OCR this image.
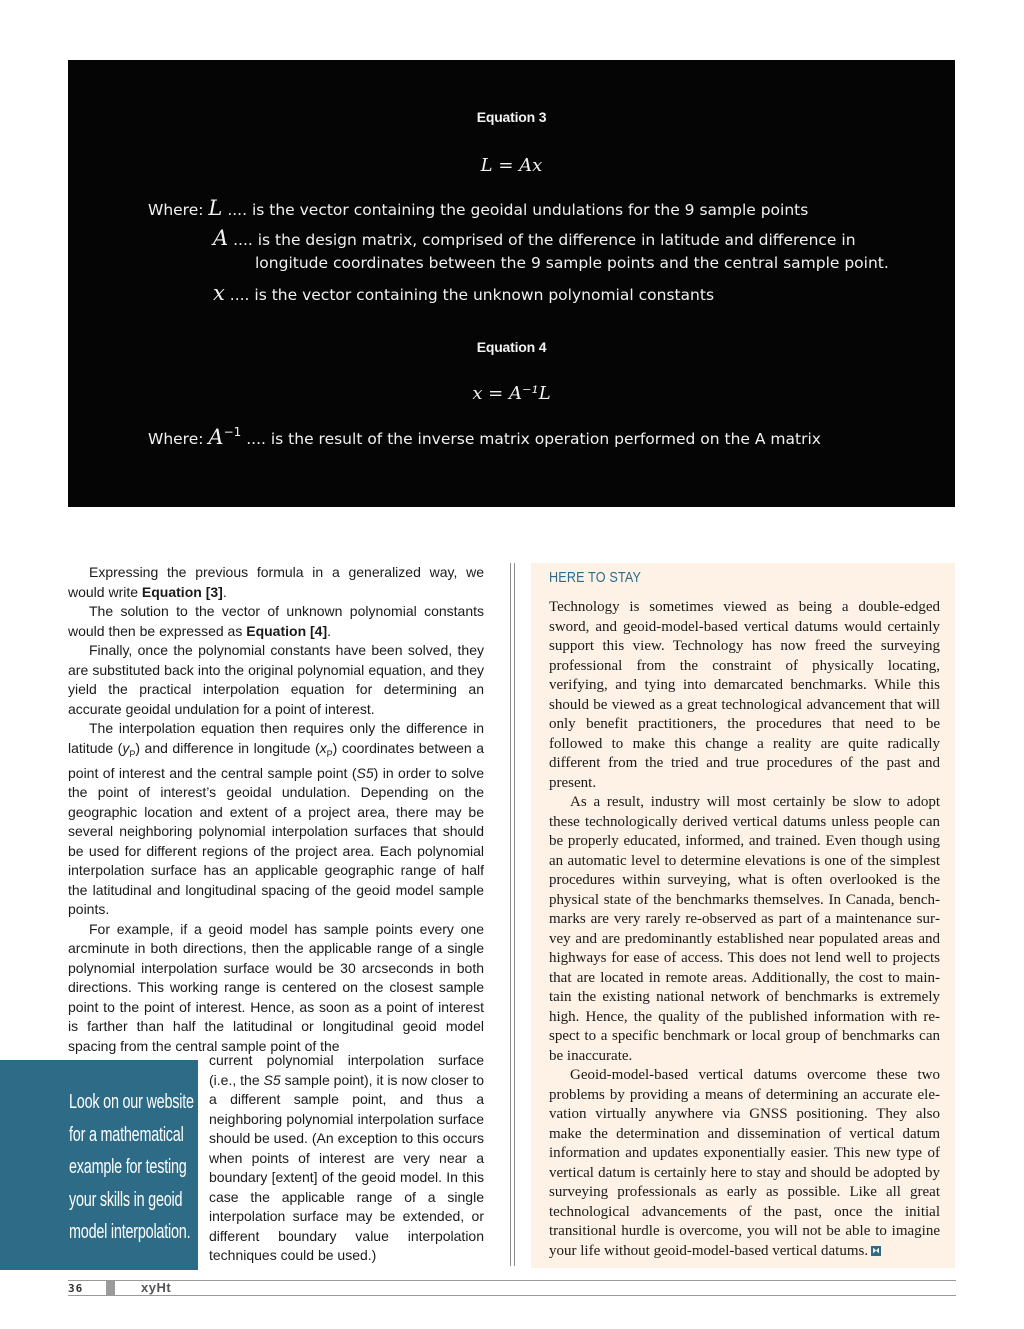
Equation 3
L = Ax
Where: L .... is the vector containing the geoidal undulations for the 9 sample points
A .... is the design matrix, comprised of the difference in latitude and difference in
longitude coordinates between the 9 sample points and the central sample point.
x .... is the vector containing the unknown polynomial constants
Equation 4
x = A⁻¹L
Where: $A^{-1}$ .... is the result of the inverse matrix operation performed on the A matrix

Expressing the previous formula in a generalized way, we would write Equation [3].

The solution to the vector of unknown polynomial constants would then be expressed as Equation [4].

Finally, once the polynomial constants have been solved, they are substituted back into the original polynomial equation, and they yield the practical interpolation equation for determining an accurate geoidal undulation for a point of interest.

The interpolation equation then requires only the difference in latitude $(y_P)$ and difference in longitude $(x_P)$ coordinates between a point of interest and the central sample point (S5) in order to solve the point of interest’s geoidal undulation. Depending on the geographic location and extent of a project area, there may be several neighboring polynomial interpolation surfaces that should be used for different regions of the project area. Each polynomial interpolation surface has an applicable geographic range of half the latitudinal and longitudinal spacing of the geoid model sample points.

For example, if a geoid model has sample points every one arcminute in both directions, then the applicable range of a single polynomial interpolation surface would be 30 arcseconds in both directions. This working range is centered on the closest sample point to the point of interest. Hence, as soon as a point of interest is farther than half the latitudinal or longitudinal geoid model spacing from the central sample point of the

current polynomial interpolation surface (i.e., the S5 sample point), it is now closer to a different sample point, and thus a neighboring polynomial interpolation surface should be used. (An exception to this occurs when points of interest are very near a boundary [extent] of the geoid model. In this case the applicable range of a single interpolation surface may be extended, or different boundary value interpolation techniques could be used.)

Look on our website
for a mathematical
example for testing
your skills in geoid
model interpolation.
HERE TO STAY

Technology is sometimes viewed as being a double-edged sword, and geoid-model-based vertical datums would certainly support this view. Technology has now freed the surveying professional from the constraint of physically locating, verifying, and tying into demarcated benchmarks. While this should be viewed as a great technological advancement that will only benefit practitioners, the procedures that need to be followed to make this change a reality are quite radically different from the tried and true procedures of the past and present.

As a result, industry will most certainly be slow to adopt these technologically derived vertical datums unless people can be properly educated, informed, and trained. Even though using an automatic level to determine elevations is one of the simplest procedures within surveying, what is often overlooked is the physical state of the benchmarks themselves. In Canada, benchmarks are very rarely re-observed as part of a maintenance survey and are predominantly established near populated areas and highways for ease of access. This does not lend well to projects that are located in remote areas. Additionally, the cost to maintain the existing national network of benchmarks is extremely high. Hence, the quality of the published information with respect to a specific benchmark or local group of benchmarks can be inaccurate.

Geoid-model-based vertical datums overcome these two problems by providing a means of determining an accurate elevation virtually anywhere via GNSS positioning. They also make the determination and dissemination of vertical datum information and updates exponentially easier. This new type of vertical datum is certainly here to stay and should be adopted by surveying professionals as early as possible. Like all great technological advancements of the past, once the initial transitional hurdle is overcome, you will not be able to imagine your life without geoid-model-based vertical datums.

36	xyHt
